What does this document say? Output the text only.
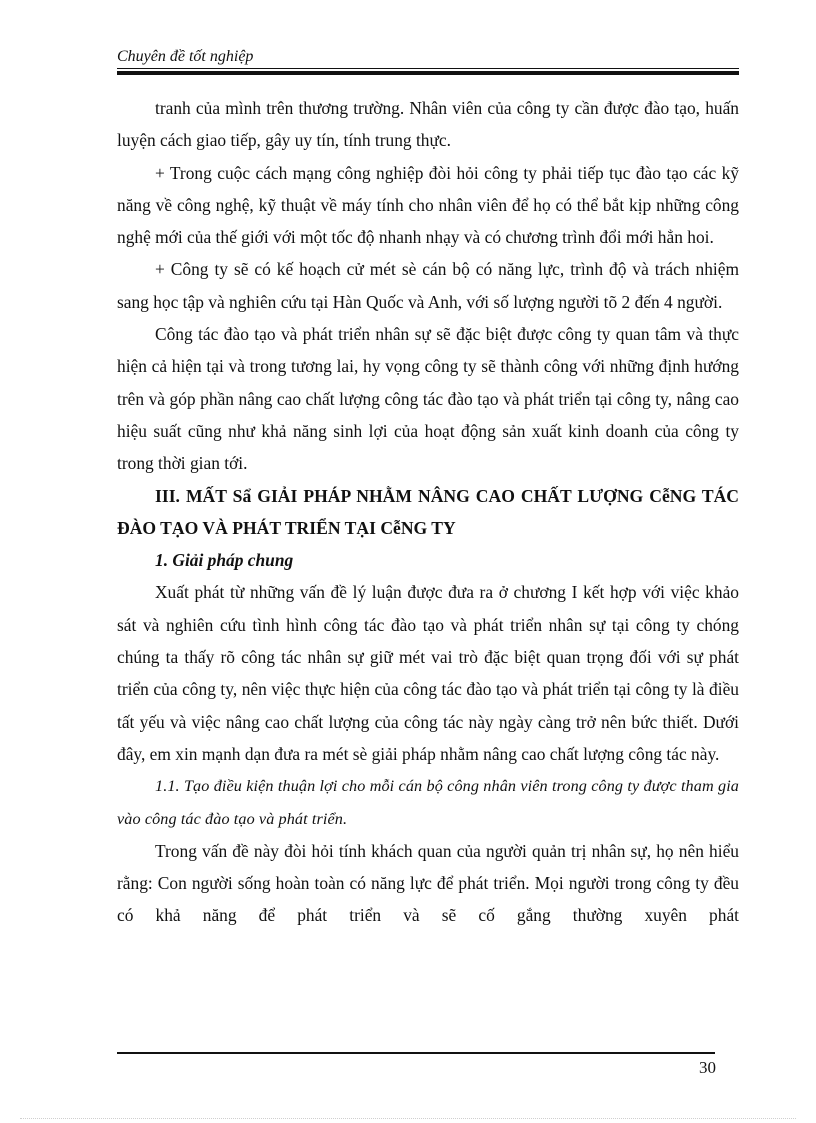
Chuyên đề tốt nghiệp

tranh của mình trên thương trường. Nhân viên của công ty cần được đào tạo, huấn luyện cách giao tiếp, gây uy tín, tính trung thực.

+ Trong cuộc cách mạng công nghiệp đòi hỏi công ty phải tiếp tục đào tạo các kỹ năng về công nghệ, kỹ thuật về máy tính cho nhân viên để họ có thể bắt kịp những công nghệ mới của thế giới với một tốc độ nhanh nhạy và có chương trình đổi mới hẳn hoi.

+ Công ty sẽ có kế hoạch cử mét sè cán bộ có năng lực, trình độ và trách nhiệm sang học tập và nghiên cứu tại Hàn Quốc và Anh, với số lượng người tõ 2 đến 4 người.

Công tác đào tạo và phát triển nhân sự sẽ đặc biệt được công ty quan tâm và thực hiện cả hiện tại và trong tương lai, hy vọng công ty sẽ thành công với những định hướng trên và góp phần nâng cao chất lượng công tác đào tạo và phát triển tại công ty, nâng cao hiệu suất cũng như khả năng sinh lợi của hoạt động sản xuất kinh doanh của công ty trong thời gian tới.

III. MẤT Sẩ GIẢI PHÁP NHẰM NÂNG CAO CHẤT LƯỢNG CễNG TÁC ĐÀO TẠO VÀ PHÁT TRIỂN TẠI CễNG TY

1. Giải pháp chung

Xuất phát từ những vấn đề lý luận được đưa ra ở chương I kết hợp với việc khảo sát và nghiên cứu tình hình công tác đào tạo và phát triển nhân sự tại công ty chóng chúng ta thấy rõ công tác nhân sự giữ mét vai trò đặc biệt quan trọng đối với sự phát triển của công ty, nên việc thực hiện của công tác đào tạo và phát triển tại công ty là điều tất yếu và việc nâng cao chất lượng của công tác này ngày càng trở nên bức thiết. Dưới đây, em xin mạnh dạn đưa ra mét sè giải pháp nhằm nâng cao chất lượng công tác này.

1.1. Tạo điều kiện thuận lợi cho mỗi cán bộ công nhân viên trong công ty được tham gia vào công tác đào tạo và phát triển.

Trong vấn đề này đòi hỏi tính khách quan của người quản trị nhân sự, họ nên hiểu rằng: Con người sống hoàn toàn có năng lực để phát triển. Mọi người trong công ty đều có khả năng để phát triển và sẽ cố gắng thường xuyên phát

30
